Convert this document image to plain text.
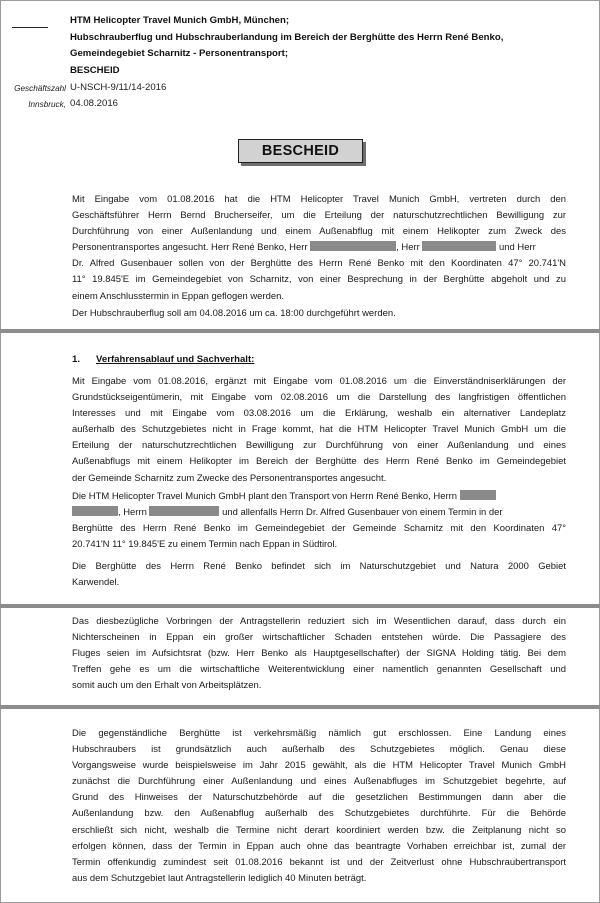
HTM Helicopter Travel Munich GmbH, München;
Hubschrauberflug und Hubschrauberlandung im Bereich der Berghütte des Herrn René Benko,
Gemeindegebiet Scharnitz - Personentransport;
BESCHEID
Geschäftszahl U-NSCH-9/11/14-2016
Innsbruck, 04.08.2016
BESCHEID
Mit Eingabe vom 01.08.2016 hat die HTM Helicopter Travel Munich GmbH, vertreten durch den
Geschäftsführer Herrn Bernd Brucherseifer, um die Erteilung der naturschutzrechtlichen Bewilligung zur
Durchführung von einer Außenlandung und einem Außenabflug mit einem Helikopter zum Zweck des
Personentransportes angesucht. Herr René Benko, Herr	, Herr	und Herr
Dr. Alfred Gusenbauer sollen von der Berghütte des Herrn René Benko mit den Koordinaten 47° 20.741'N
11° 19.845'E im Gemeindegebiet von Scharnitz, von einer Besprechung in der Berghütte abgeholt und zu
einem Anschlusstermin in Eppan geflogen werden.
Der Hubschrauberflug soll am 04.08.2016 um ca. 18:00 durchgeführt werden.
1. Verfahrensablauf und Sachverhalt:
Mit Eingabe vom 01.08.2016, ergänzt mit Eingabe vom 01.08.2016 um die Einverständniserklärungen der
Grundstückseigentümerin, mit Eingabe vom 02.08.2016 um die Darstellung des langfristigen öffentlichen
Interesses und mit Eingabe vom 03.08.2016 um die Erklärung, weshalb ein alternativer Landeplatz
außerhalb des Schutzgebietes nicht in Frage kommt, hat die HTM Helicopter Travel Munich GmbH um die
Erteilung der naturschutzrechtlichen Bewilligung zur Durchführung von einer Außenlandung und eines
Außenabflugs mit einem Helikopter im Bereich der Berghütte des Herrn René Benko im Gemeindegebiet
der Gemeinde Scharnitz zum Zwecke des Personentransportes angesucht.
Die HTM Helicopter Travel Munich GmbH plant den Transport von Herrn René Benko, Herrn
, Herrn	und allenfalls Herrn Dr. Alfred Gusenbauer von einem Termin in der
Berghütte des Herrn René Benko im Gemeindegebiet der Gemeinde Scharnitz mit den Koordinaten 47°
20.741'N 11° 19.845'E zu einem Termin nach Eppan in Südtirol.
Die Berghütte des Herrn René Benko befindet sich im Naturschutzgebiet und Natura 2000 Gebiet
Karwendel.
Das diesbezügliche Vorbringen der Antragstellerin reduziert sich im Wesentlichen darauf, dass durch ein
Nichterscheinen in Eppan ein großer wirtschaftlicher Schaden entstehen würde. Die Passagiere des
Fluges seien im Aufsichtsrat (bzw. Herr Benko als Hauptgesellschafter) der SIGNA Holding tätig. Bei dem
Treffen gehe es um die wirtschaftliche Weiterentwicklung einer namentlich genannten Gesellschaft und
somit auch um den Erhalt von Arbeitsplätzen.
Die gegenständliche Berghütte ist verkehrsmäßig nämlich gut erschlossen. Eine Landung eines
Hubschraubers ist grundsätzlich auch außerhalb des Schutzgebietes möglich. Genau diese
Vorgangsweise wurde beispielsweise im Jahr 2015 gewählt, als die HTM Helicopter Travel Munich GmbH
zunächst die Durchführung einer Außenlandung und eines Außenabfluges im Schutzgebiet begehrte, auf
Grund des Hinweises der Naturschutzbehörde auf die gesetzlichen Bestimmungen dann aber die
Außenlandung bzw. den Außenabflug außerhalb des Schutzgebietes durchführte. Für die Behörde
erschließt sich nicht, weshalb die Termine nicht derart koordiniert werden bzw. die Zeitplanung nicht so
erfolgen können, dass der Termin in Eppan auch ohne das beantragte Vorhaben erreichbar ist, zumal der
Termin offenkundig zumindest seit 01.08.2016 bekannt ist und der Zeitverlust ohne Hubschraubertransport
aus dem Schutzgebiet laut Antragstellerin lediglich 40 Minuten beträgt.
